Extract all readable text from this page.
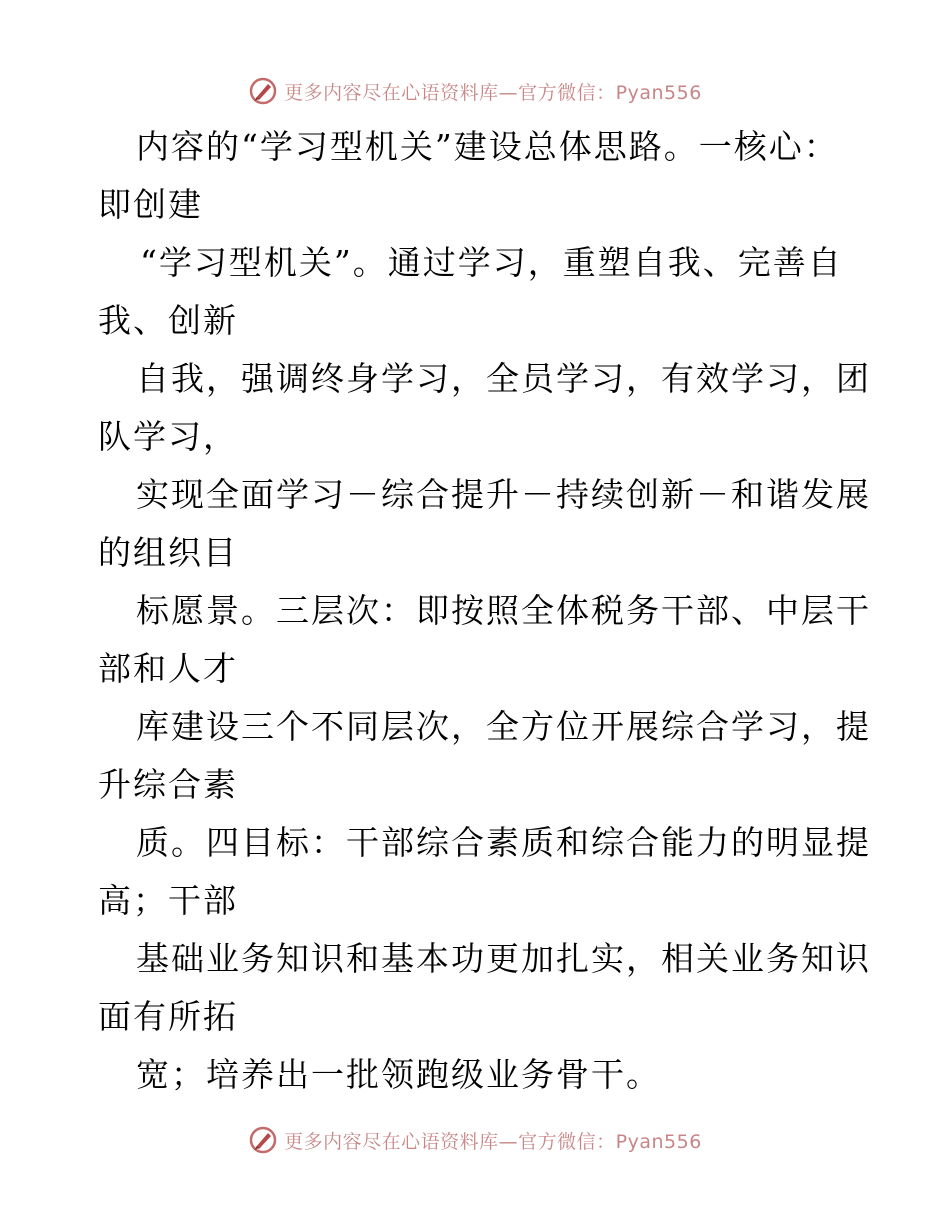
更多内容尽在心语资料库—官方微信：Pyan556
内容的“学习型机关”建设总体思路。一核心：
即创建
“学习型机关”。通过学习，重塑自我、完善自
我、创新
自我，强调终身学习，全员学习，有效学习，团
队学习，
实现全面学习－综合提升－持续创新－和谐发展
的组织目
标愿景。三层次：即按照全体税务干部、中层干
部和人才
库建设三个不同层次，全方位开展综合学习，提
升综合素
质。四目标：干部综合素质和综合能力的明显提
高；干部
基础业务知识和基本功更加扎实，相关业务知识
面有所拓
宽；培养出一批领跑级业务骨干。
更多内容尽在心语资料库—官方微信：Pyan556
